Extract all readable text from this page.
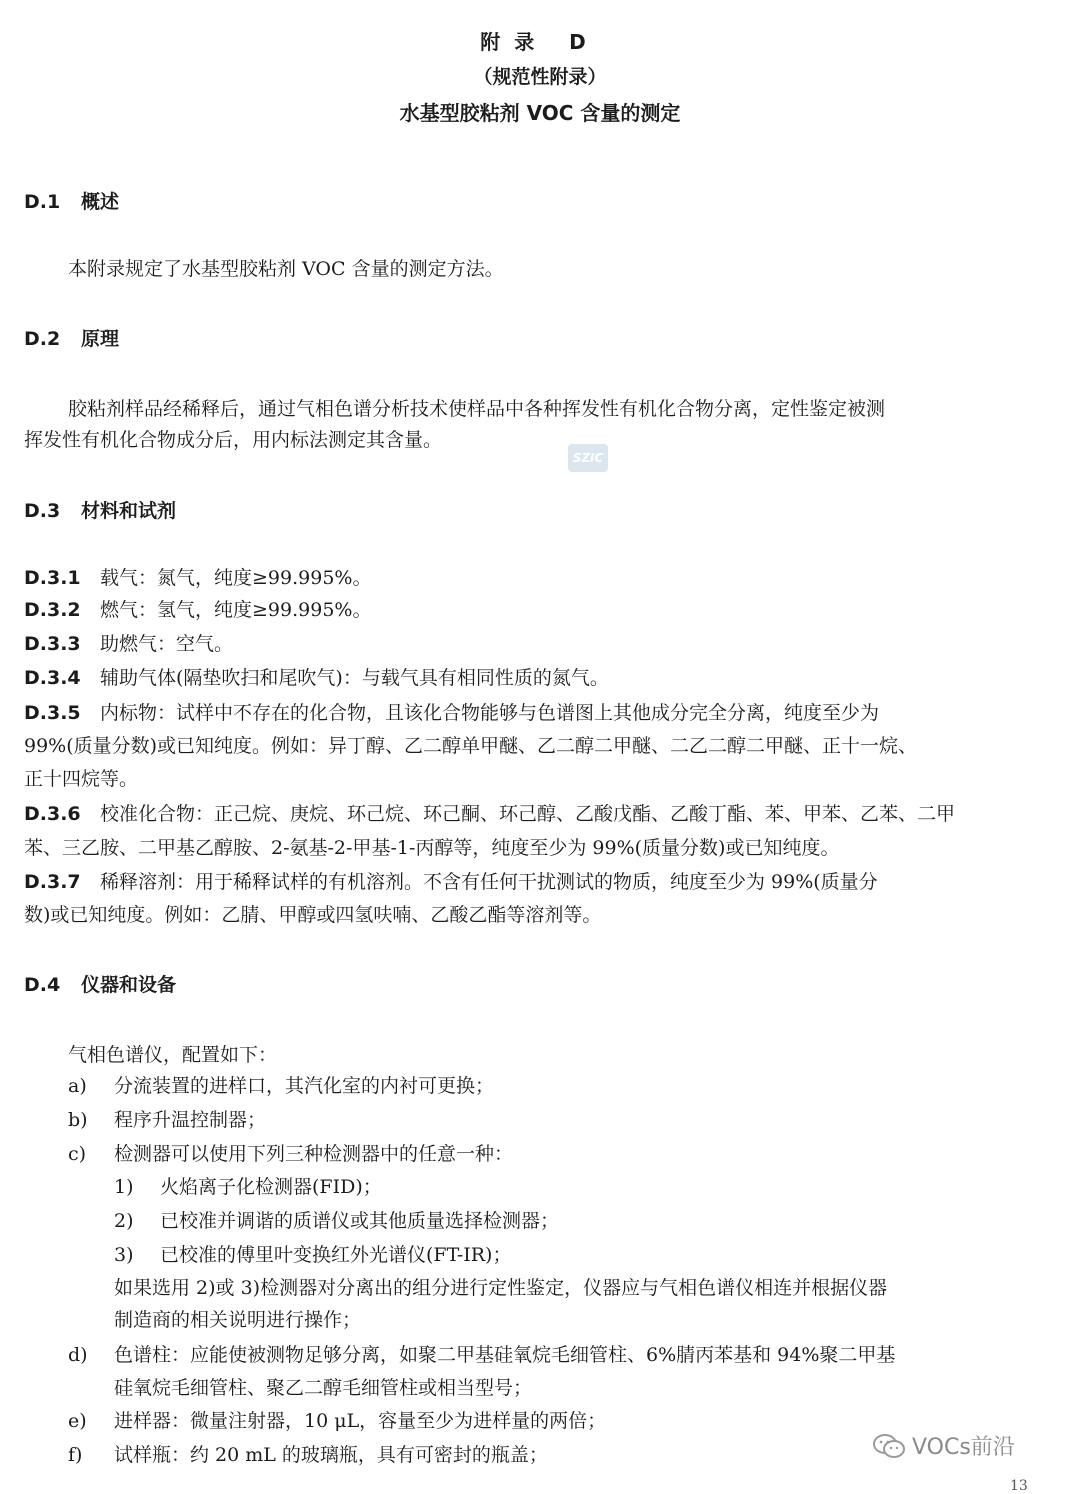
附录 D
（规范性附录）
水基型胶粘剂 VOC 含量的测定
D.1 概述
本附录规定了水基型胶粘剂 VOC 含量的测定方法。
D.2 原理
胶粘剂样品经稀释后，通过气相色谱分析技术使样品中各种挥发性有机化合物分离，定性鉴定被测
挥发性有机化合物成分后，用内标法测定其含量。
SZIC
D.3 材料和试剂
D.3.1 载气：氮气，纯度≥99.995%。
D.3.2 燃气：氢气，纯度≥99.995%。
D.3.3 助燃气：空气。
D.3.4 辅助气体(隔垫吹扫和尾吹气)：与载气具有相同性质的氮气。
D.3.5 内标物：试样中不存在的化合物，且该化合物能够与色谱图上其他成分完全分离，纯度至少为
99%(质量分数)或已知纯度。例如：异丁醇、乙二醇单甲醚、乙二醇二甲醚、二乙二醇二甲醚、正十一烷、
正十四烷等。
D.3.6 校准化合物：正己烷、庚烷、环己烷、环己酮、环己醇、乙酸戊酯、乙酸丁酯、苯、甲苯、乙苯、二甲
苯、三乙胺、二甲基乙醇胺、2-氨基-2-甲基-1-丙醇等，纯度至少为 99%(质量分数)或已知纯度。
D.3.7 稀释溶剂：用于稀释试样的有机溶剂。不含有任何干扰测试的物质，纯度至少为 99%(质量分
数)或已知纯度。例如：乙腈、甲醇或四氢呋喃、乙酸乙酯等溶剂等。
D.4 仪器和设备
气相色谱仪，配置如下：
a) 分流装置的进样口，其汽化室的内衬可更换；
b) 程序升温控制器；
c) 检测器可以使用下列三种检测器中的任意一种：
1) 火焰离子化检测器(FID)；
2) 已校准并调谐的质谱仪或其他质量选择检测器；
3) 已校准的傅里叶变换红外光谱仪(FT-IR)；
如果选用 2)或 3)检测器对分离出的组分进行定性鉴定，仪器应与气相色谱仪相连并根据仪器
制造商的相关说明进行操作；
d) 色谱柱：应能使被测物足够分离，如聚二甲基硅氧烷毛细管柱、6%腈丙苯基和 94%聚二甲基
硅氧烷毛细管柱、聚乙二醇毛细管柱或相当型号；
e) 进样器：微量注射器，10 μL，容量至少为进样量的两倍；
f) 试样瓶：约 20 mL 的玻璃瓶，具有可密封的瓶盖；	VOCs前沿
13
